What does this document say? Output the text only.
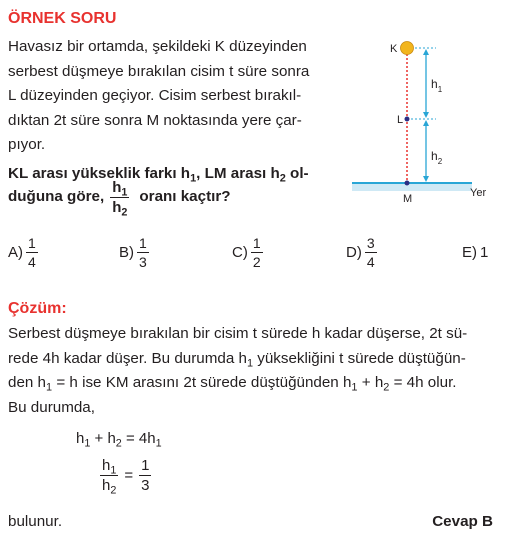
ÖRNEK SORU
Havasız bir ortamda, şekildeki K düzeyinden
serbest düşmeye bırakılan cisim t süre sonra
L düzeyinden geçiyor. Cisim serbest bırakıl-
dıktan 2t süre sonra M noktasında yere çar-
pıyor.
KL arası yükseklik farkı $h_1$, LM arası $h_2$ ol-
duğuna göre, $\frac{h_1}{h_2}$ oranı kaçtır?
K
L
M
$h_1$
$h_2$
Yer
$A) \frac{1}{4}$	$B) \frac{1}{3}$	$C) \frac{1}{2}$	$D) \frac{3}{4}$	E) 1
Çözüm:
Serbest düşmeye bırakılan bir cisim t sürede h kadar düşerse, 2t sü-
rede 4h kadar düşer. Bu durumda $h_1$ yüksekliğini t sürede düştüğün-
den $h_1 = h$ ise KM arasını 2t sürede düştüğünden $h_1 + h_2 = 4h$ olur.
Bu durumda,
$h_1 + h_2 = 4h_1$
$\frac{h_1}{h_2} = \frac{1}{3}$
bulunur.	Cevap B
